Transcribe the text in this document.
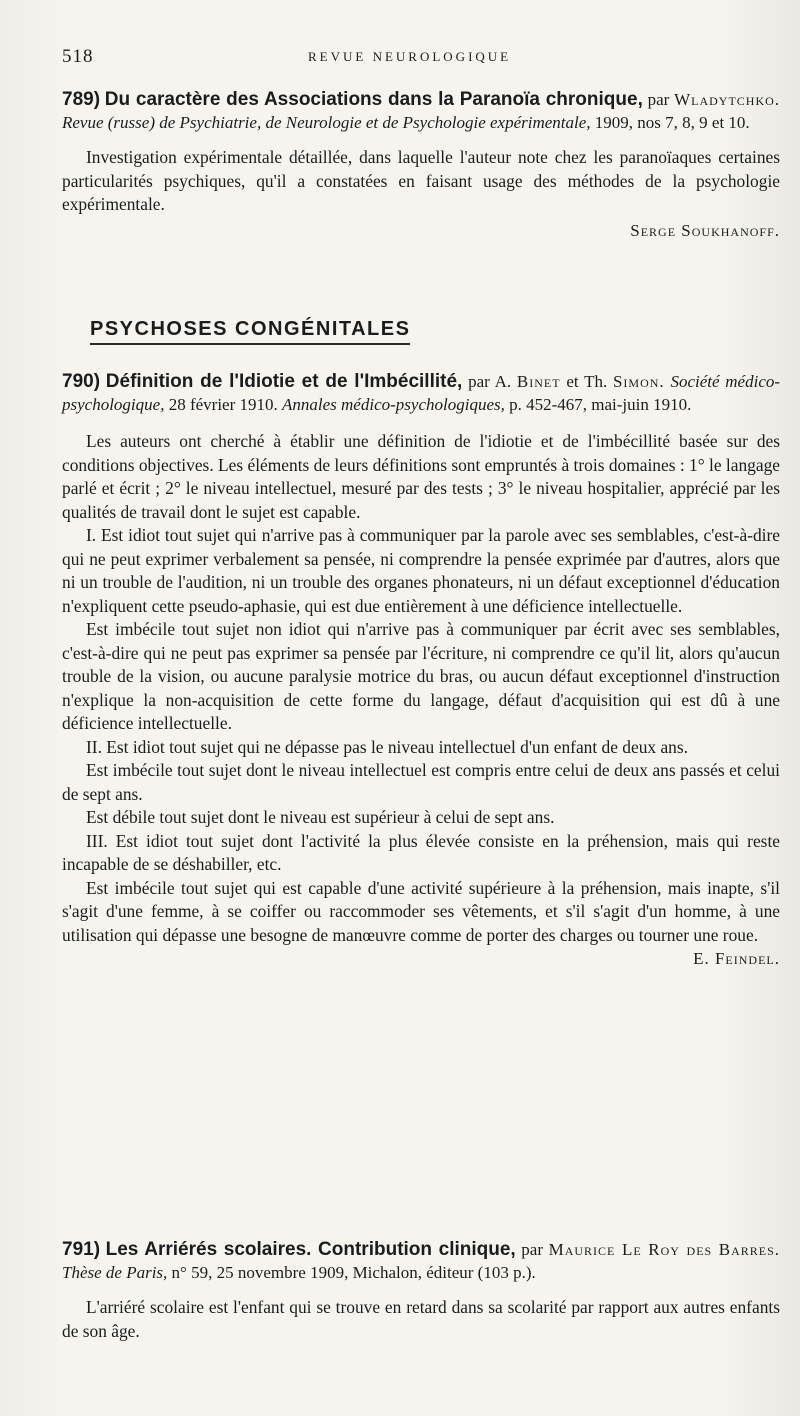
518	REVUE NEUROLOGIQUE

789) Du caractère des Associations dans la Paranoïa chronique, par Wladytchko. Revue (russe) de Psychiatrie, de Neurologie et de Psychologie expérimentale, 1909, nos 7, 8, 9 et 10.

Investigation expérimentale détaillée, dans laquelle l'auteur note chez les paranoïaques certaines particularités psychiques, qu'il a constatées en faisant usage des méthodes de la psychologie expérimentale.

Serge Soukhanoff.

PSYCHOSES CONGÉNITALES

790) Définition de l'Idiotie et de l'Imbécillité, par A. Binet et Th. Simon. Société médico-psychologique, 28 février 1910. Annales médico-psychologiques, p. 452-467, mai-juin 1910.

Les auteurs ont cherché à établir une définition de l'idiotie et de l'imbécillité basée sur des conditions objectives. Les éléments de leurs définitions sont empruntés à trois domaines : 1° le langage parlé et écrit ; 2° le niveau intellectuel, mesuré par des tests ; 3° le niveau hospitalier, apprécié par les qualités de travail dont le sujet est capable.

I. Est idiot tout sujet qui n'arrive pas à communiquer par la parole avec ses semblables, c'est-à-dire qui ne peut exprimer verbalement sa pensée, ni comprendre la pensée exprimée par d'autres, alors que ni un trouble de l'audition, ni un trouble des organes phonateurs, ni un défaut exceptionnel d'éducation n'expliquent cette pseudo-aphasie, qui est due entièrement à une déficience intellectuelle.

Est imbécile tout sujet non idiot qui n'arrive pas à communiquer par écrit avec ses semblables, c'est-à-dire qui ne peut pas exprimer sa pensée par l'écriture, ni comprendre ce qu'il lit, alors qu'aucun trouble de la vision, ou aucune paralysie motrice du bras, ou aucun défaut exceptionnel d'instruction n'explique la non-acquisition de cette forme du langage, défaut d'acquisition qui est dû à une déficience intellectuelle.

II. Est idiot tout sujet qui ne dépasse pas le niveau intellectuel d'un enfant de deux ans.

Est imbécile tout sujet dont le niveau intellectuel est compris entre celui de deux ans passés et celui de sept ans.

Est débile tout sujet dont le niveau est supérieur à celui de sept ans.

III. Est idiot tout sujet dont l'activité la plus élevée consiste en la préhension, mais qui reste incapable de se déshabiller, etc.

Est imbécile tout sujet qui est capable d'une activité supérieure à la préhension, mais inapte, s'il s'agit d'une femme, à se coiffer ou raccommoder ses vêtements, et s'il s'agit d'un homme, à une utilisation qui dépasse une besogne de manœuvre comme de porter des charges ou tourner une roue.

E. Feindel.

791) Les Arriérés scolaires. Contribution clinique, par Maurice Le Roy des Barres. Thèse de Paris, n° 59, 25 novembre 1909, Michalon, éditeur (103 p.).

L'arriéré scolaire est l'enfant qui se trouve en retard dans sa scolarité par rapport aux autres enfants de son âge.
